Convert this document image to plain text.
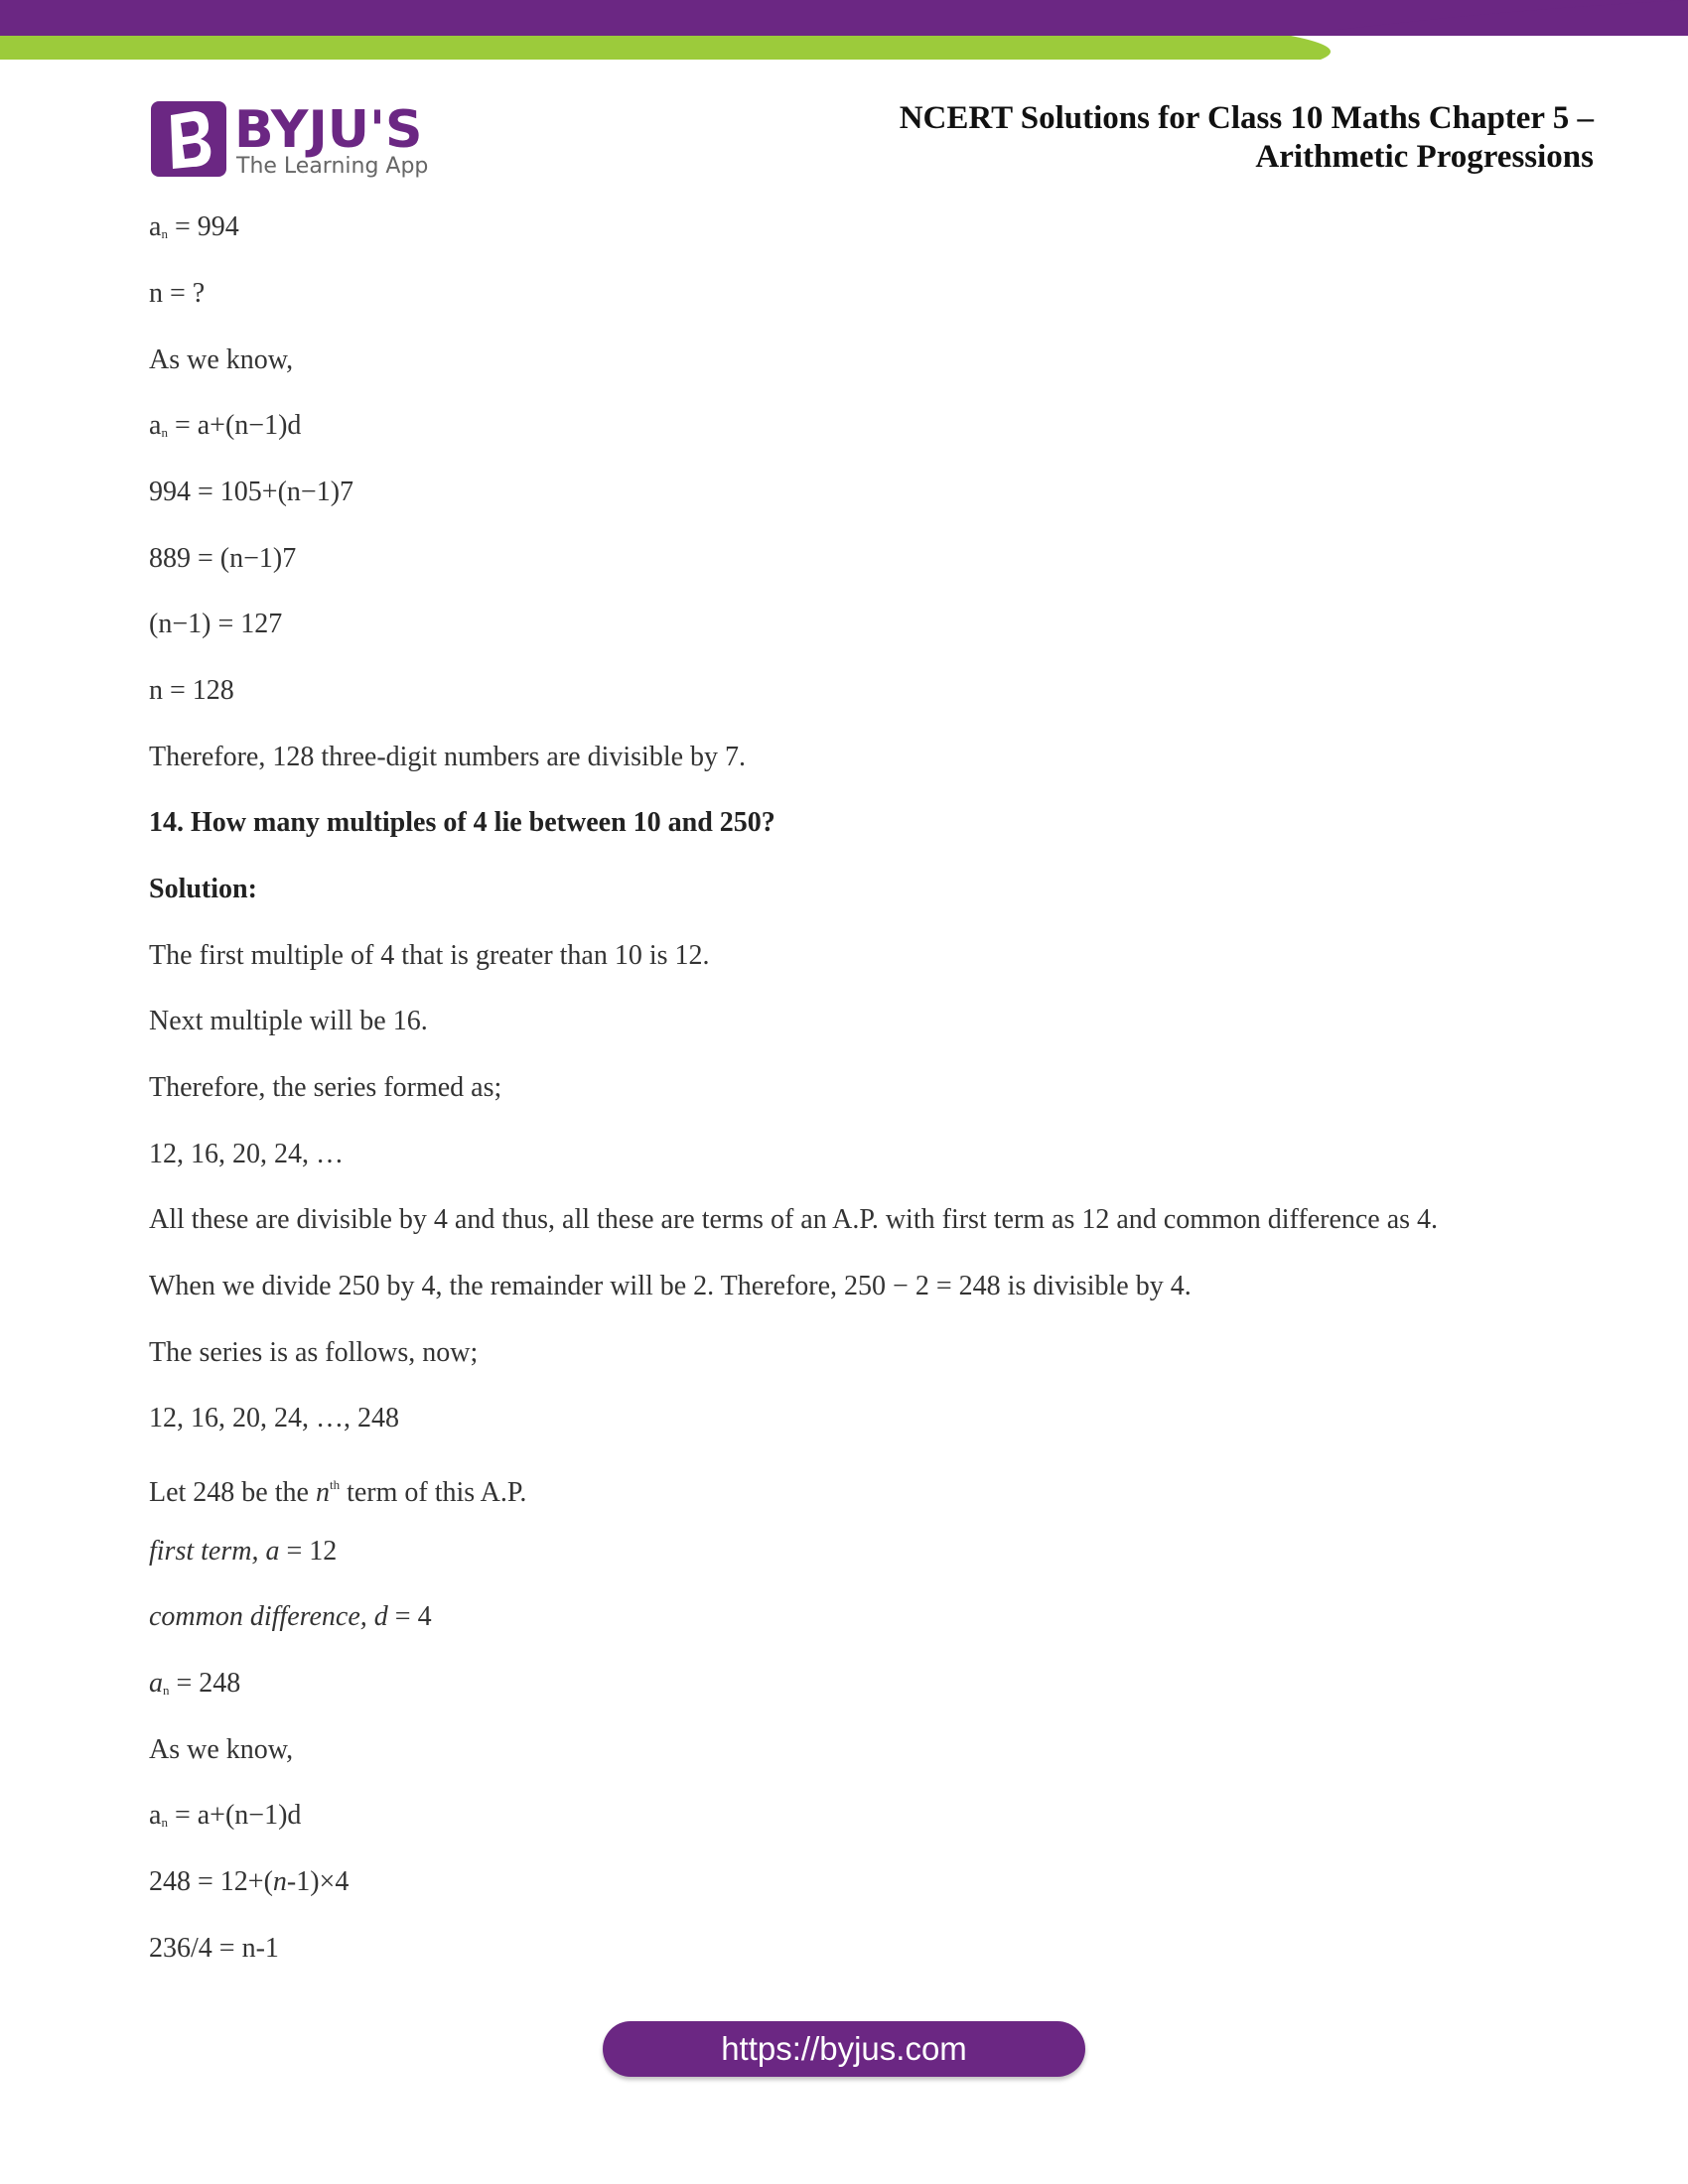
BYJU'S
The Learning App
NCERT Solutions for Class 10 Maths Chapter 5 –
Arithmetic Progressions
$a_n = 994$
n = ?
As we know,
$a_n = a+(n-1)d$
994 = 105+(n−1)7
889 = (n−1)7
(n−1) = 127
n = 128
Therefore, 128 three-digit numbers are divisible by 7.
14. How many multiples of 4 lie between 10 and 250?
Solution:
The first multiple of 4 that is greater than 10 is 12.
Next multiple will be 16.
Therefore, the series formed as;
12, 16, 20, 24, …
All these are divisible by 4 and thus, all these are terms of an A.P. with first term as 12 and common difference as 4.
When we divide 250 by 4, the remainder will be 2. Therefore, 250 − 2 = 248 is divisible by 4.
The series is as follows, now;
12, 16, 20, 24, …, 248
Let 248 be the $n^{th}$ term of this A.P.
first term, a = 12
common difference, d = 4
$a_n = 248$
As we know,
$a_n = a+(n-1)d$
248 = 12+(n-1)×4
236/4 = n-1
https://byjus.com
